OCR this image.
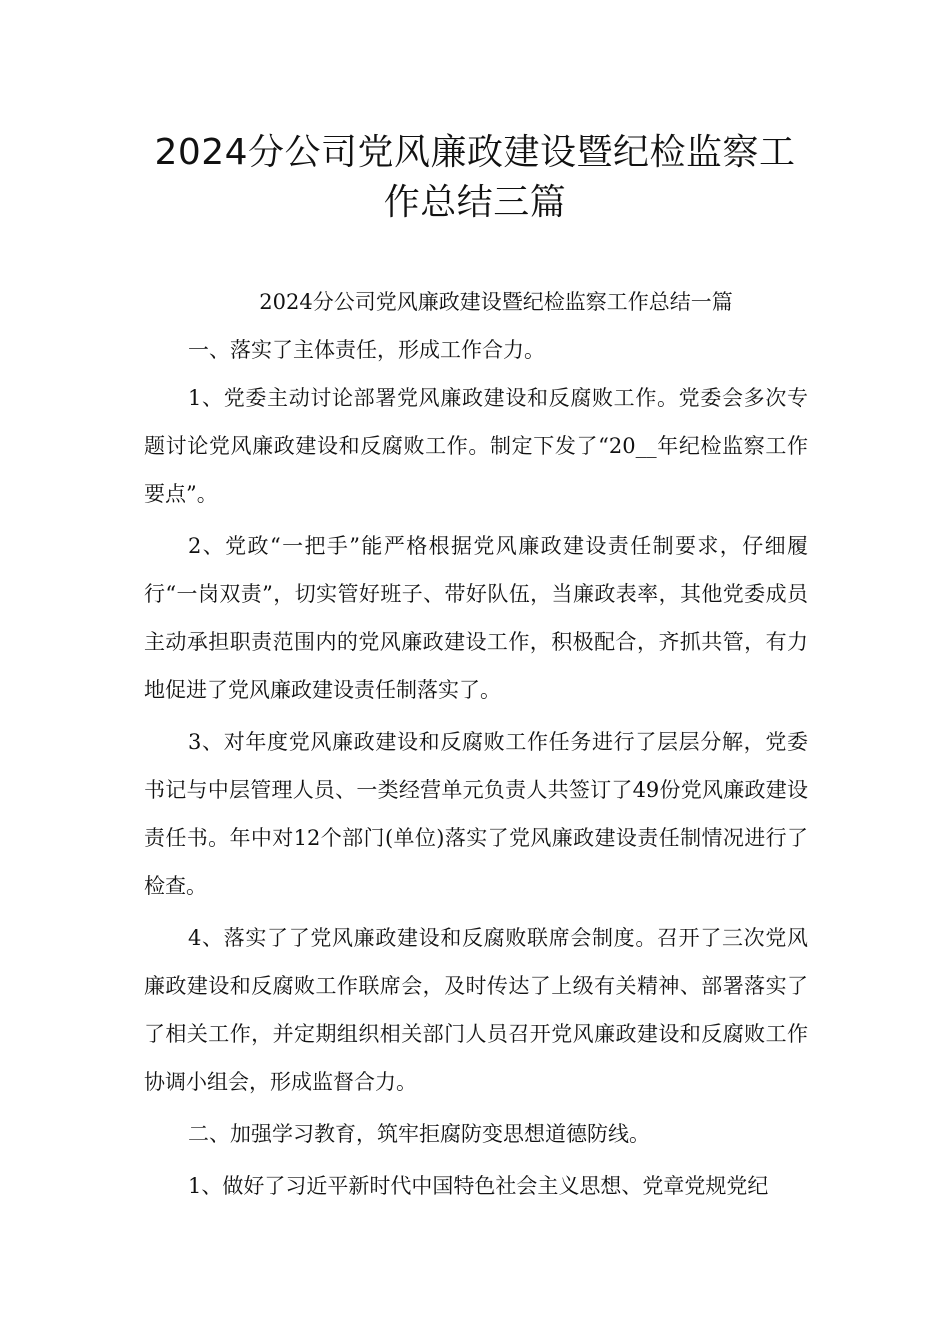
2024分公司党风廉政建设暨纪检监察工
作总结三篇

2024分公司党风廉政建设暨纪检监察工作总结一篇

一、落实了主体责任，形成工作合力。

1、党委主动讨论部署党风廉政建设和反腐败工作。党委会多次专题讨论党风廉政建设和反腐败工作。制定下发了“20__年纪检监察工作要点”。

2、党政“一把手”能严格根据党风廉政建设责任制要求，仔细履行“一岗双责”，切实管好班子、带好队伍，当廉政表率，其他党委成员主动承担职责范围内的党风廉政建设工作，积极配合，齐抓共管，有力地促进了党风廉政建设责任制落实了。

3、对年度党风廉政建设和反腐败工作任务进行了层层分解，党委书记与中层管理人员、一类经营单元负责人共签订了49份党风廉政建设责任书。年中对12个部门(单位)落实了党风廉政建设责任制情况进行了检查。

4、落实了了党风廉政建设和反腐败联席会制度。召开了三次党风廉政建设和反腐败工作联席会，及时传达了上级有关精神、部署落实了了相关工作，并定期组织相关部门人员召开党风廉政建设和反腐败工作协调小组会，形成监督合力。

二、加强学习教育，筑牢拒腐防变思想道德防线。

1、做好了习近平新时代中国特色社会主义思想、党章党规党纪
